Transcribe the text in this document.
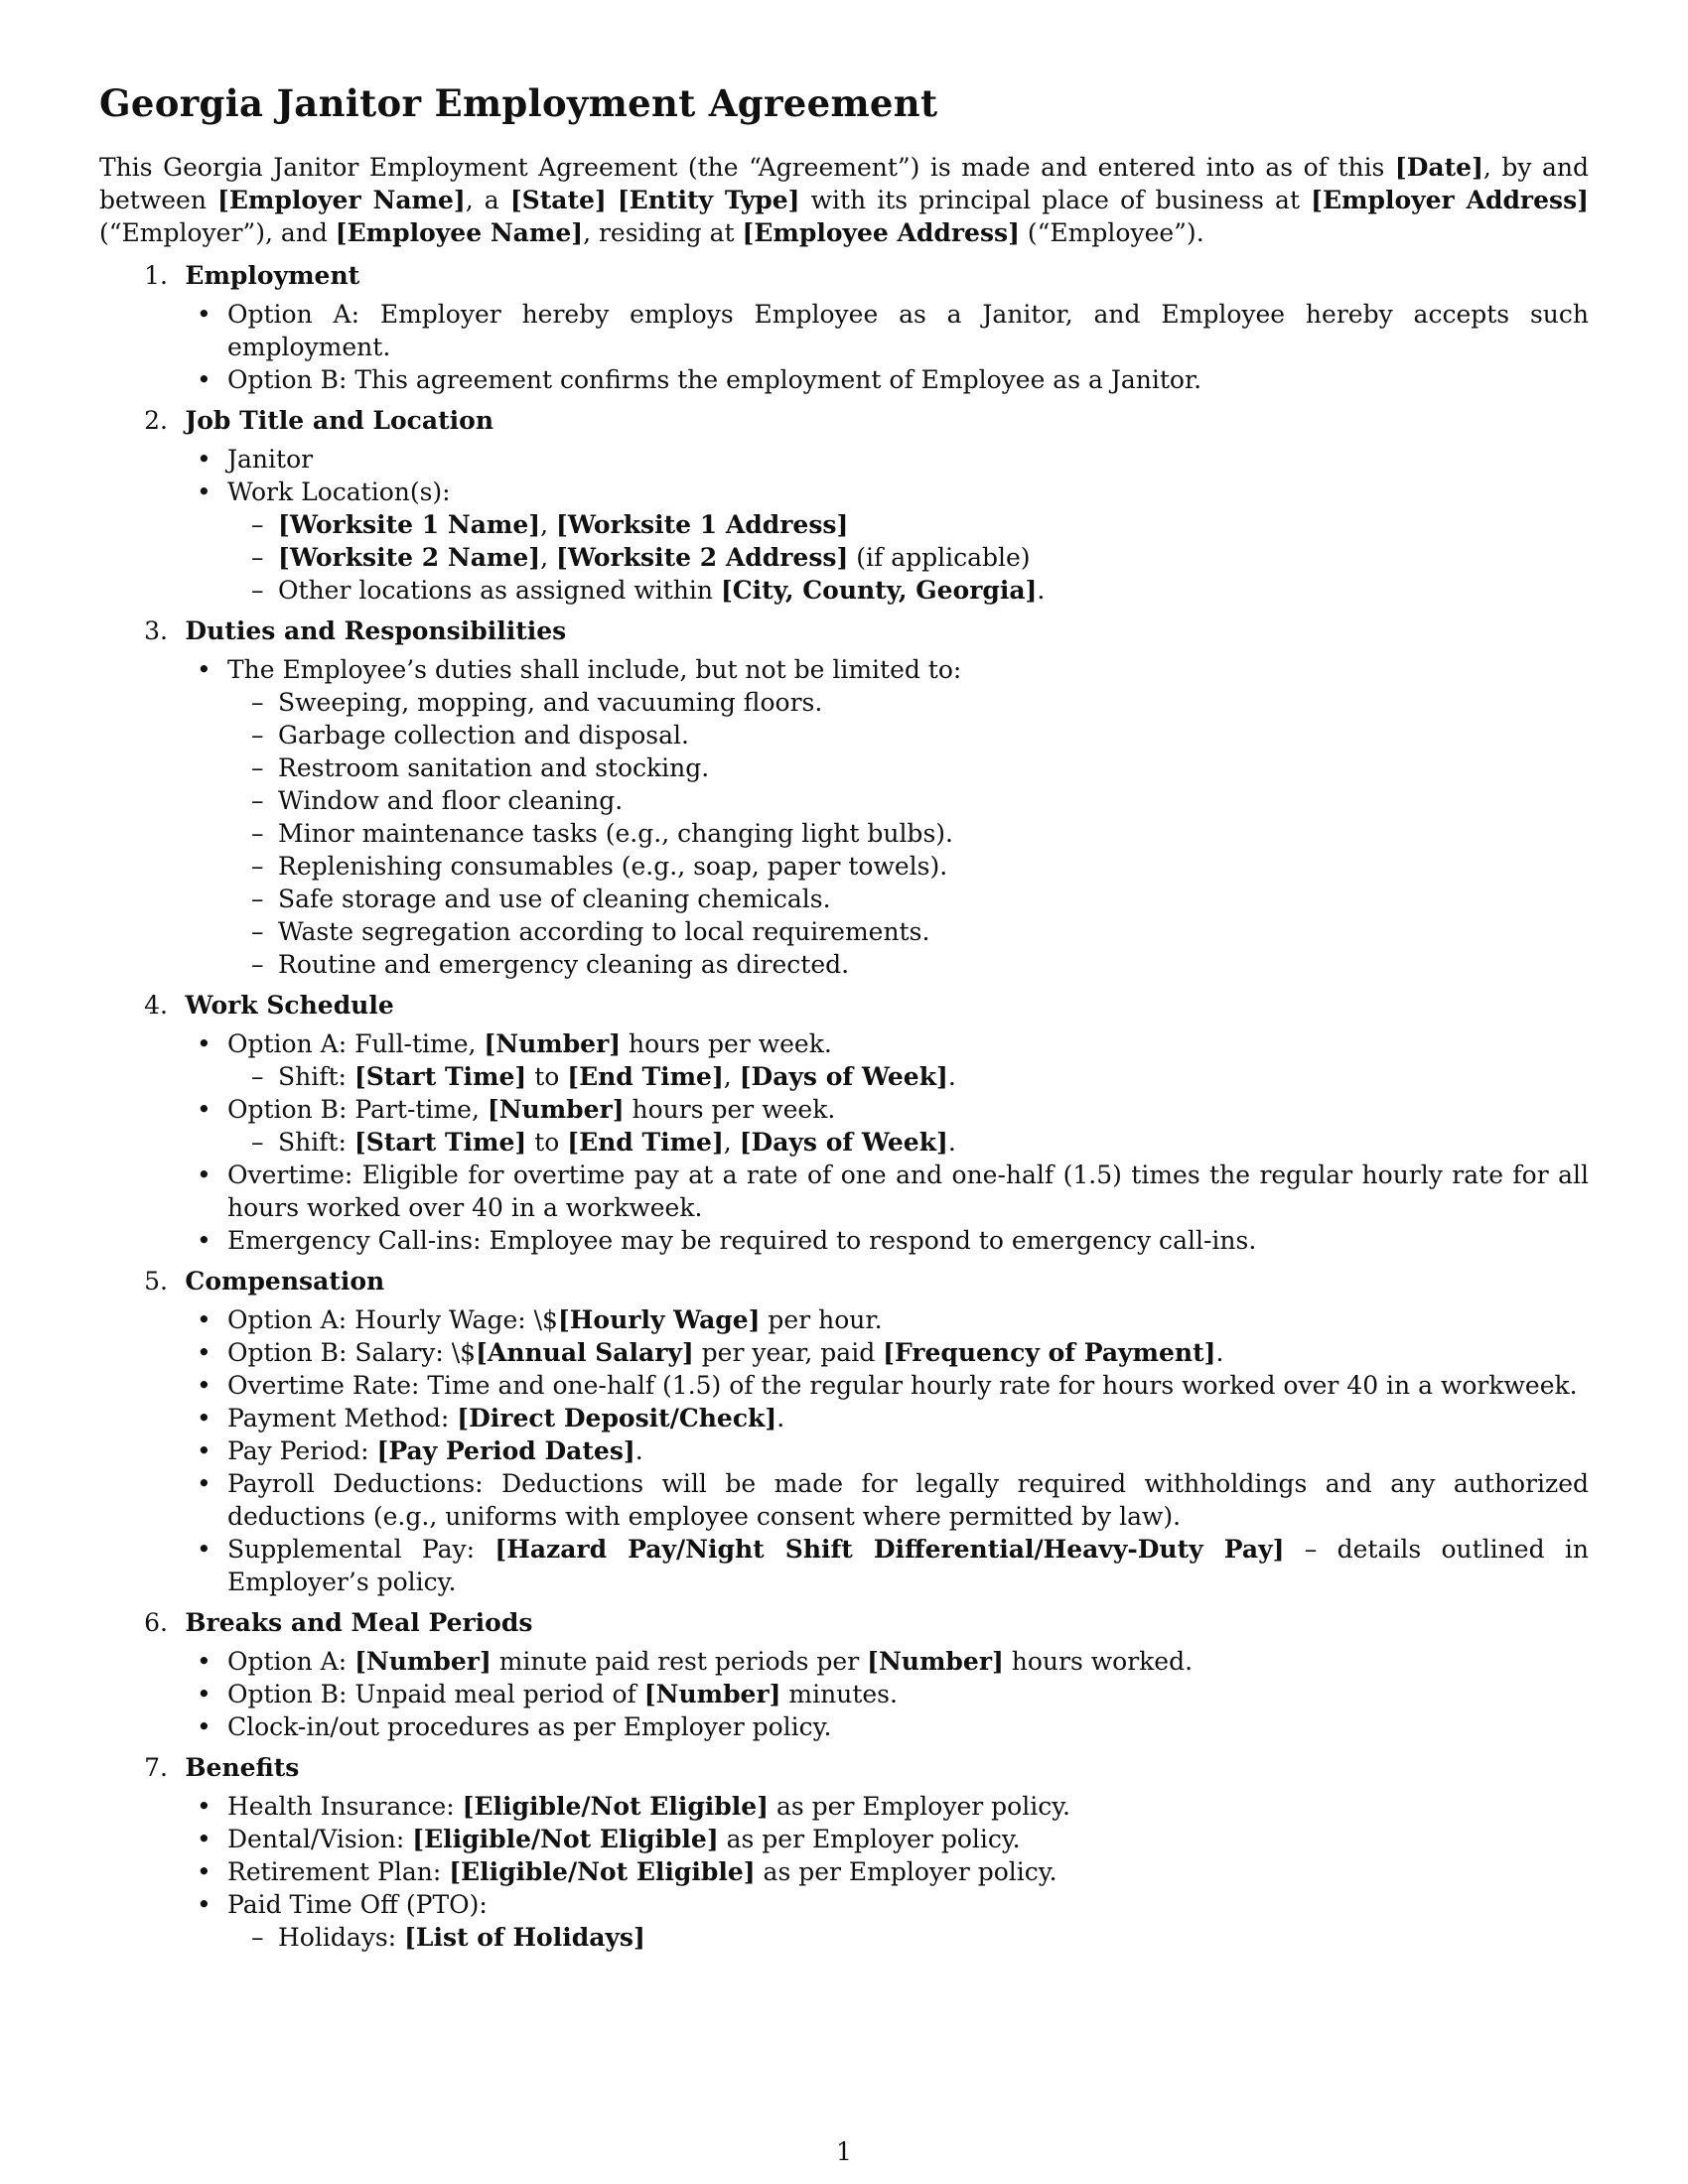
Georgia Janitor Employment Agreement

This Georgia Janitor Employment Agreement (the “Agreement”) is made and entered into as of this [Date], by and between [Employer Name], a [State] [Entity Type] with its principal place of business at [Employer Address] (“Employer”), and [Employee Name], residing at [Employee Address] (“Employee”).

1. Employment
• Option A: Employer hereby employs Employee as a Janitor, and Employee hereby accepts such employment.
• Option B: This agreement confirms the employment of Employee as a Janitor.
2. Job Title and Location
• Janitor
• Work Location(s):
– [Worksite 1 Name], [Worksite 1 Address]
– [Worksite 2 Name], [Worksite 2 Address] (if applicable)
– Other locations as assigned within [City, County, Georgia].
3. Duties and Responsibilities
• The Employee’s duties shall include, but not be limited to:
– Sweeping, mopping, and vacuuming floors.
– Garbage collection and disposal.
– Restroom sanitation and stocking.
– Window and floor cleaning.
– Minor maintenance tasks (e.g., changing light bulbs).
– Replenishing consumables (e.g., soap, paper towels).
– Safe storage and use of cleaning chemicals.
– Waste segregation according to local requirements.
– Routine and emergency cleaning as directed.
4. Work Schedule
• Option A: Full-time, [Number] hours per week.
– Shift: [Start Time] to [End Time], [Days of Week].
• Option B: Part-time, [Number] hours per week.
– Shift: [Start Time] to [End Time], [Days of Week].
• Overtime: Eligible for overtime pay at a rate of one and one-half (1.5) times the regular hourly rate for all hours worked over 40 in a workweek.
• Emergency Call-ins: Employee may be required to respond to emergency call-ins.
5. Compensation
• Option A: Hourly Wage: \$[Hourly Wage] per hour.
• Option B: Salary: \$[Annual Salary] per year, paid [Frequency of Payment].
• Overtime Rate: Time and one-half (1.5) of the regular hourly rate for hours worked over 40 in a workweek.
• Payment Method: [Direct Deposit/Check].
• Pay Period: [Pay Period Dates].
• Payroll Deductions: Deductions will be made for legally required withholdings and any authorized deductions (e.g., uniforms with employee consent where permitted by law).
• Supplemental Pay: [Hazard Pay/Night Shift Differential/Heavy-Duty Pay] – details outlined in Employer’s policy.
6. Breaks and Meal Periods
• Option A: [Number] minute paid rest periods per [Number] hours worked.
• Option B: Unpaid meal period of [Number] minutes.
• Clock-in/out procedures as per Employer policy.
7. Benefits
• Health Insurance: [Eligible/Not Eligible] as per Employer policy.
• Dental/Vision: [Eligible/Not Eligible] as per Employer policy.
• Retirement Plan: [Eligible/Not Eligible] as per Employer policy.
• Paid Time Off (PTO):
– Holidays: [List of Holidays]
1
